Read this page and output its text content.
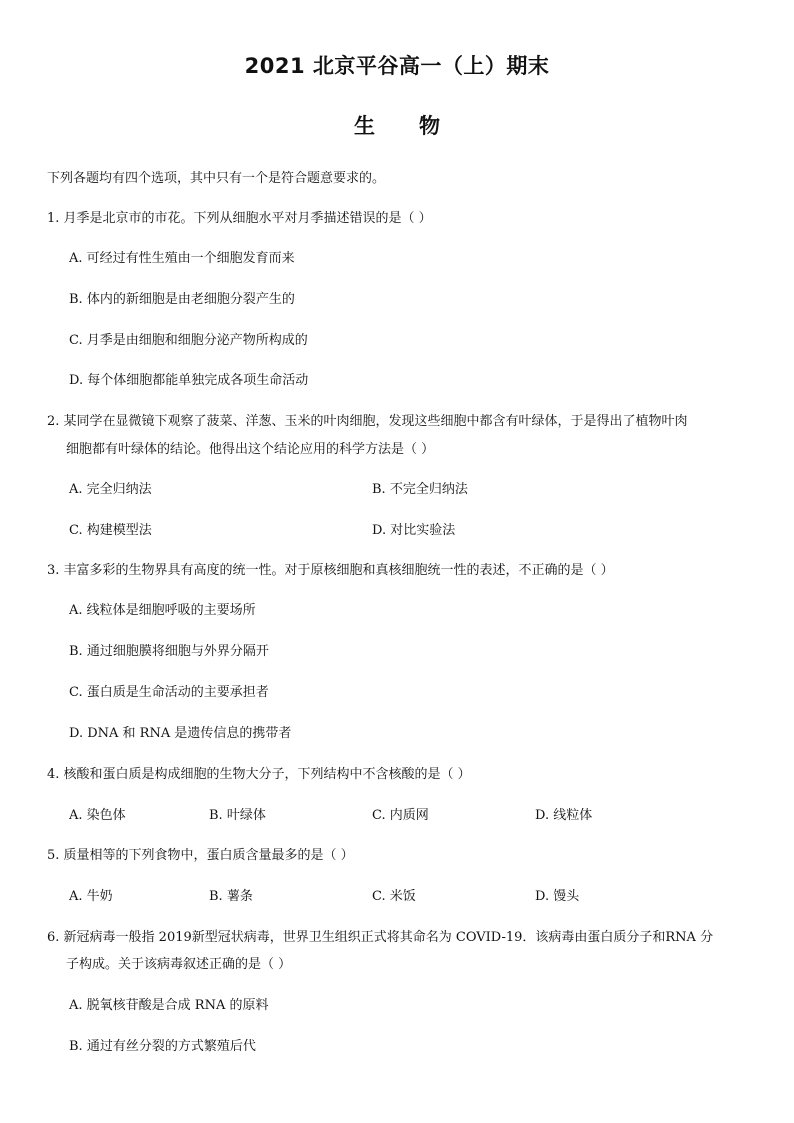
2021 北京平谷高一（上）期末
生 物
下列各题均有四个选项，其中只有一个是符合题意要求的。
1. 月季是北京市的市花。下列从细胞水平对月季描述错误的是（ ）
A. 可经过有性生殖由一个细胞发育而来
B. 体内的新细胞是由老细胞分裂产生的
C. 月季是由细胞和细胞分泌产物所构成的
D. 每个体细胞都能单独完成各项生命活动
2. 某同学在显微镜下观察了菠菜、洋葱、玉米的叶肉细胞，发现这些细胞中都含有叶绿体，于是得出了植物叶肉
细胞都有叶绿体的结论。他得出这个结论应用的科学方法是（ ）
A. 完全归纳法	B. 不完全归纳法
C. 构建模型法	D. 对比实验法
3. 丰富多彩的生物界具有高度的统一性。对于原核细胞和真核细胞统一性的表述，不正确的是（ ）
A. 线粒体是细胞呼吸的主要场所
B. 通过细胞膜将细胞与外界分隔开
C. 蛋白质是生命活动的主要承担者
D. DNA 和 RNA 是遗传信息的携带者
4. 核酸和蛋白质是构成细胞的生物大分子，下列结构中不含核酸的是（ ）
A. 染色体	B. 叶绿体	C. 内质网	D. 线粒体
5. 质量相等的下列食物中，蛋白质含量最多的是（ ）
A. 牛奶	B. 薯条	C. 米饭	D. 馒头
6. 新冠病毒一般指 2019新型冠状病毒，世界卫生组织正式将其命名为 COVID-19．该病毒由蛋白质分子和RNA 分
子构成。关于该病毒叙述正确的是（ ）
A. 脱氧核苷酸是合成 RNA 的原料
B. 通过有丝分裂的方式繁殖后代
